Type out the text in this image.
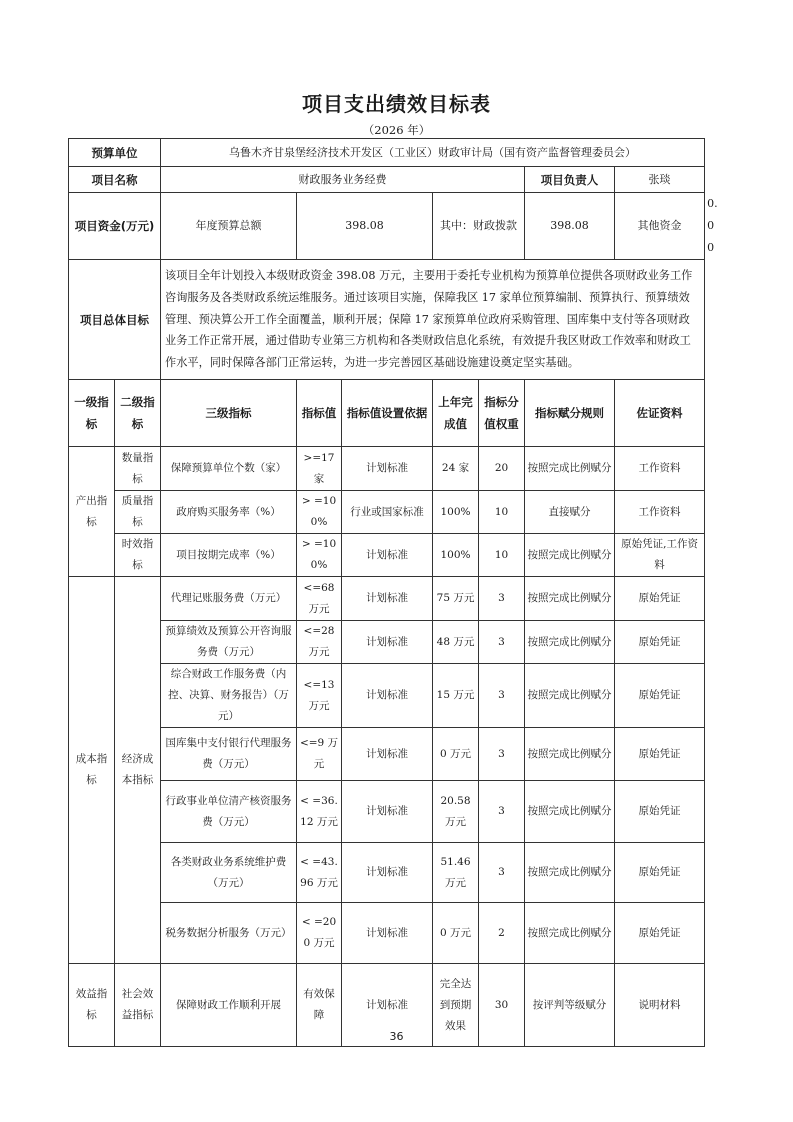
项目支出绩效目标表
（2026 年）
预算单位		乌鲁木齐甘泉堡经济技术开发区（工业区）财政审计局（国有资产监督管理委员会）							
项目名称		财政服务业务经费					项目负责人	张琰	
项目资金(万元)		年度预算总额	398.08		其中：财政拨款		398.08	其他资金	0.00
项目总体目标		该项目全年计划投入本级财政资金 398.08 万元，主要用于委托专业机构为预算单位提供各项财政业务工作咨询服务及各类财政系统运维服务。通过该项目实施，保障我区 17 家单位预算编制、预算执行、预算绩效管理、预决算公开工作全面覆盖，顺利开展；保障 17 家预算单位政府采购管理、国库集中支付等各项财政业务工作正常开展，通过借助专业第三方机构和各类财政信息化系统，有效提升我区财政工作效率和财政工作水平，同时保障各部门正常运转，为进一步完善园区基础设施建设奠定坚实基础。							
一级指标	二级指标	三级指标	指标值	指标值设置依据	上年完成值	指标分值权重	指标赋分规则	佐证资料	
产出指标	数量指标	保障预算单位个数（家）	>=17家	计划标准	24 家	20	按照完成比例赋分	工作资料	
	质量指标	政府购买服务率（%）	> =100%	行业或国家标准	100%	10	直接赋分	工作资料	
	时效指标	项目按期完成率（%）	> =100%	计划标准	100%	10	按照完成比例赋分	原始凭证,工作资料	
成本指标	经济成本指标	代理记账服务费（万元）	<=68 万元	计划标准	75 万元	3	按照完成比例赋分	原始凭证	
		预算绩效及预算公开咨询服务费（万元）	<=28 万元	计划标准	48 万元	3	按照完成比例赋分	原始凭证	
		综合财政工作服务费（内控、决算、财务报告）（万元）	<=13 万元	计划标准	15 万元	3	按照完成比例赋分	原始凭证	
		国库集中支付银行代理服务费（万元）	<=9 万元	计划标准	0 万元	3	按照完成比例赋分	原始凭证	
		行政事业单位清产核资服务费（万元）	< =36.12 万元	计划标准	20.58 万元	3	按照完成比例赋分	原始凭证	
		各类财政业务系统维护费（万元）	< =43.96 万元	计划标准	51.46 万元	3	按照完成比例赋分	原始凭证	
		税务数据分析服务（万元）	< =200 万元	计划标准	0 万元	2	按照完成比例赋分	原始凭证	
效益指标	社会效益指标	保障财政工作顺利开展	有效保障	计划标准	完全达到预期效果	30	按评判等级赋分	说明材料	
36
